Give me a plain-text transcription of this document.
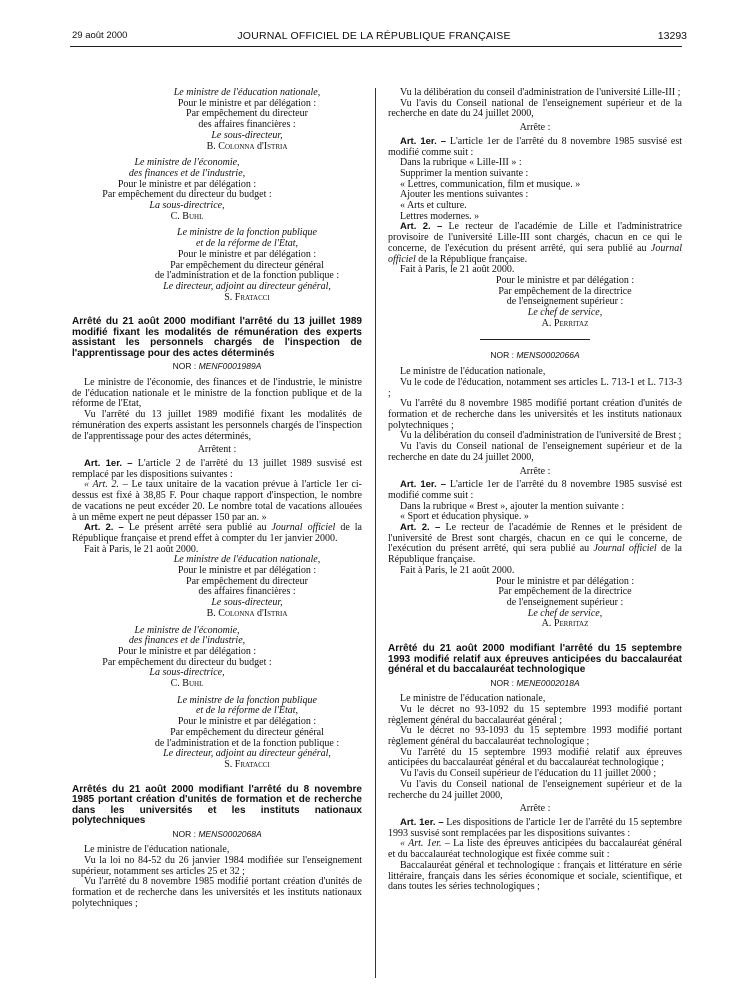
29 août 2000	JOURNAL OFFICIEL DE LA RÉPUBLIQUE FRANÇAISE	13293

Le ministre de l'éducation nationale,

Pour le ministre et par délégation :

Par empêchement du directeur

des affaires financières :

Le sous-directeur,

B. Colonna d'Istria

Le ministre de l'économie,

des finances et de l'industrie,

Pour le ministre et par délégation :

Par empêchement du directeur du budget :

La sous-directrice,

C. Buhl

Le ministre de la fonction publique

et de la réforme de l'Etat,

Pour le ministre et par délégation :

Par empêchement du directeur général

de l'administration et de la fonction publique :

Le directeur, adjoint au directeur général,

S. Fratacci

Arrêté du 21 août 2000 modifiant l'arrêté du 13 juillet 1989 modifié fixant les modalités de rémunération des experts assistant les personnels chargés de l'inspection de l'apprentissage pour des actes déterminés

NOR : MENF0001989A

Le ministre de l'économie, des finances et de l'industrie, le ministre de l'éducation nationale et le ministre de la fonction publique et de la réforme de l'Etat,

Vu l'arrêté du 13 juillet 1989 modifié fixant les modalités de rémunération des experts assistant les personnels chargés de l'inspection de l'apprentissage pour des actes déterminés,

Arrêtent :

Art. 1er. – L'article 2 de l'arrêté du 13 juillet 1989 susvisé est remplacé par les dispositions suivantes :

« Art. 2. – Le taux unitaire de la vacation prévue à l'article 1er ci-dessus est fixé à 38,85 F. Pour chaque rapport d'inspection, le nombre de vacations ne peut excéder 20. Le nombre total de vacations allouées à un même expert ne peut dépasser 150 par an. »

Art. 2. – Le présent arrêté sera publié au Journal officiel de la République française et prend effet à compter du 1er janvier 2000.

Fait à Paris, le 21 août 2000.

Le ministre de l'éducation nationale,

Pour le ministre et par délégation :

Par empêchement du directeur

des affaires financières :

Le sous-directeur,

B. Colonna d'Istria

Le ministre de l'économie,

des finances et de l'industrie,

Pour le ministre et par délégation :

Par empêchement du directeur du budget :

La sous-directrice,

C. Buhl

Le ministre de la fonction publique

et de la réforme de l'Etat,

Pour le ministre et par délégation :

Par empêchement du directeur général

de l'administration et de la fonction publique :

Le directeur, adjoint au directeur général,

S. Fratacci

Arrêtés du 21 août 2000 modifiant l'arrêté du 8 novembre 1985 portant création d'unités de formation et de recherche dans les universités et les instituts nationaux polytechniques

NOR : MENS0002068A

Le ministre de l'éducation nationale,

Vu la loi no 84-52 du 26 janvier 1984 modifiée sur l'enseignement supérieur, notamment ses articles 25 et 32 ;

Vu l'arrêté du 8 novembre 1985 modifié portant création d'unités de formation et de recherche dans les universités et les instituts nationaux polytechniques ;

Vu la délibération du conseil d'administration de l'université Lille-III ;

Vu l'avis du Conseil national de l'enseignement supérieur et de la recherche en date du 24 juillet 2000,

Arrête :

Art. 1er. – L'article 1er de l'arrêté du 8 novembre 1985 susvisé est modifié comme suit :

Dans la rubrique « Lille-III » :

Supprimer la mention suivante :

« Lettres, communication, film et musique. »

Ajouter les mentions suivantes :

« Arts et culture.

Lettres modernes. »

Art. 2. – Le recteur de l'académie de Lille et l'administratrice provisoire de l'université Lille-III sont chargés, chacun en ce qui le concerne, de l'exécution du présent arrêté, qui sera publié au Journal officiel de la République française.

Fait à Paris, le 21 août 2000.

Pour le ministre et par délégation :

Par empêchement de la directrice

de l'enseignement supérieur :

Le chef de service,

A. Perritaz

NOR : MENS0002066A

Le ministre de l'éducation nationale,

Vu le code de l'éducation, notamment ses articles L. 713-1 et L. 713-3 ;

Vu l'arrêté du 8 novembre 1985 modifié portant création d'unités de formation et de recherche dans les universités et les instituts nationaux polytechniques ;

Vu la délibération du conseil d'administration de l'université de Brest ;

Vu l'avis du Conseil national de l'enseignement supérieur et de la recherche en date du 24 juillet 2000,

Arrête :

Art. 1er. – L'article 1er de l'arrêté du 8 novembre 1985 susvisé est modifié comme suit :

Dans la rubrique « Brest », ajouter la mention suivante :

« Sport et éducation physique. »

Art. 2. – Le recteur de l'académie de Rennes et le président de l'université de Brest sont chargés, chacun en ce qui le concerne, de l'exécution du présent arrêté, qui sera publié au Journal officiel de la République française.

Fait à Paris, le 21 août 2000.

Pour le ministre et par délégation :

Par empêchement de la directrice

de l'enseignement supérieur :

Le chef de service,

A. Perritaz

Arrêté du 21 août 2000 modifiant l'arrêté du 15 septembre 1993 modifié relatif aux épreuves anticipées du baccalauréat général et du baccalauréat technologique

NOR : MENE0002018A

Le ministre de l'éducation nationale,

Vu le décret no 93-1092 du 15 septembre 1993 modifié portant règlement général du baccalauréat général ;

Vu le décret no 93-1093 du 15 septembre 1993 modifié portant règlement général du baccalauréat technologique ;

Vu l'arrêté du 15 septembre 1993 modifié relatif aux épreuves anticipées du baccalauréat général et du baccalauréat technologique ;

Vu l'avis du Conseil supérieur de l'éducation du 11 juillet 2000 ;

Vu l'avis du Conseil national de l'enseignement supérieur et de la recherche du 24 juillet 2000,

Arrête :

Art. 1er. – Les dispositions de l'article 1er de l'arrêté du 15 septembre 1993 susvisé sont remplacées par les dispositions suivantes :

« Art. 1er. – La liste des épreuves anticipées du baccalauréat général et du baccalauréat technologique est fixée comme suit :

Baccalauréat général et technologique : français et littérature en série littéraire, français dans les séries économique et sociale, scientifique, et dans toutes les séries technologiques ;
